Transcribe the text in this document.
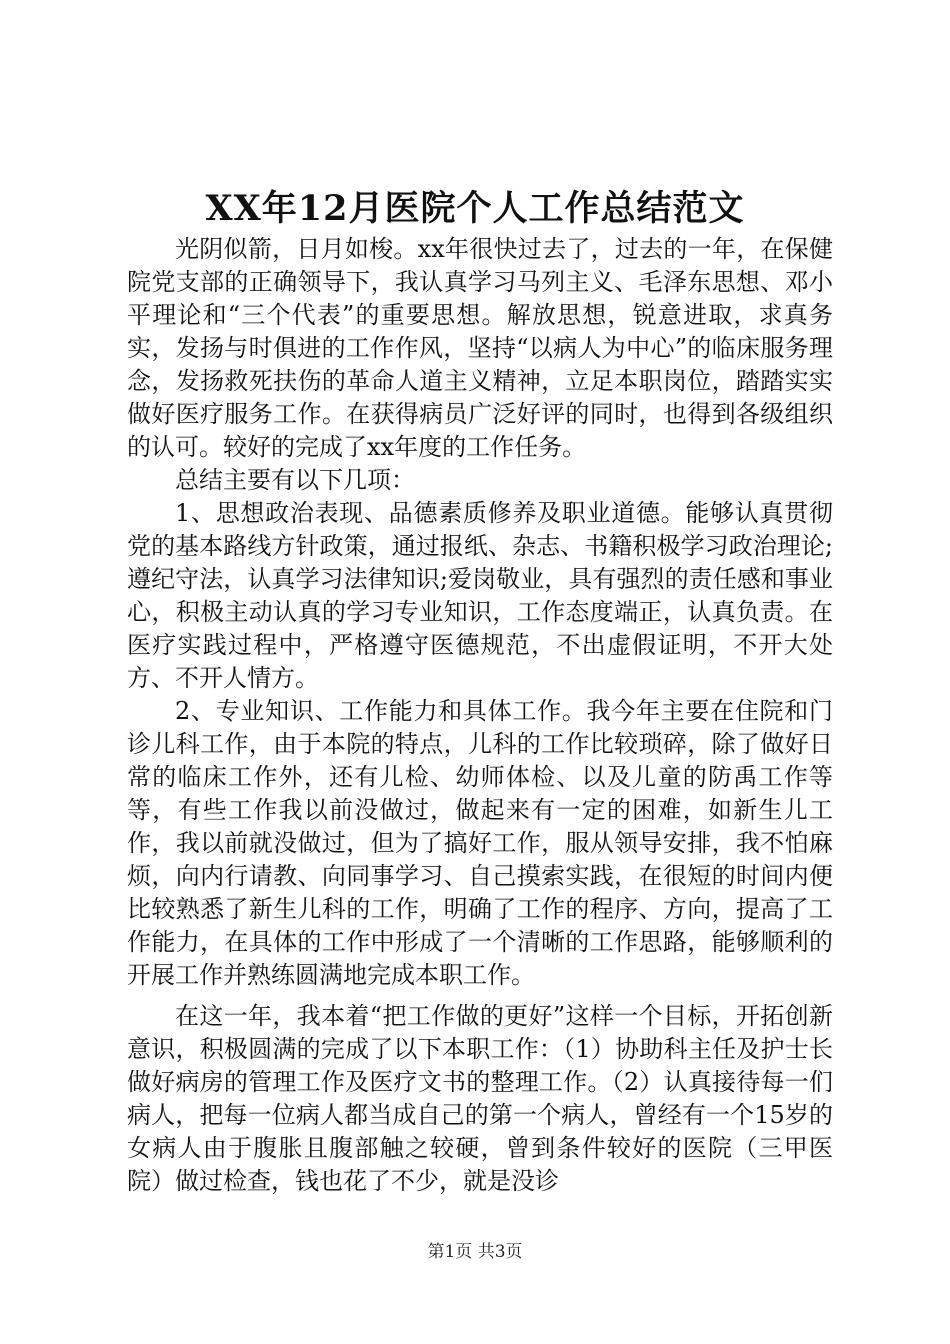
XX年12月医院个人工作总结范文

光阴似箭，日月如梭。xx年很快过去了，过去的一年，在保健院党支部的正确领导下，我认真学习马列主义、毛泽东思想、邓小平理论和“三个代表”的重要思想。解放思想，锐意进取，求真务实，发扬与时俱进的工作作风，坚持“以病人为中心”的临床服务理念，发扬救死扶伤的革命人道主义精神，立足本职岗位，踏踏实实做好医疗服务工作。在获得病员广泛好评的同时，也得到各级组织的认可。较好的完成了xx年度的工作任务。

总结主要有以下几项：

1、思想政治表现、品德素质修养及职业道德。能够认真贯彻党的基本路线方针政策，通过报纸、杂志、书籍积极学习政治理论;遵纪守法，认真学习法律知识;爱岗敬业，具有强烈的责任感和事业心，积极主动认真的学习专业知识，工作态度端正，认真负责。在医疗实践过程中，严格遵守医德规范，不出虚假证明，不开大处方、不开人情方。

2、专业知识、工作能力和具体工作。我今年主要在住院和门诊儿科工作，由于本院的特点，儿科的工作比较琐碎，除了做好日常的临床工作外，还有儿检、幼师体检、以及儿童的防禹工作等等，有些工作我以前没做过，做起来有一定的困难，如新生儿工作，我以前就没做过，但为了搞好工作，服从领导安排，我不怕麻烦，向内行请教、向同事学习、自己摸索实践，在很短的时间内便比较熟悉了新生儿科的工作，明确了工作的程序、方向，提高了工作能力，在具体的工作中形成了一个清晰的工作思路，能够顺利的开展工作并熟练圆满地完成本职工作。

在这一年，我本着“把工作做的更好”这样一个目标，开拓创新意识，积极圆满的完成了以下本职工作：（1）协助科主任及护士长做好病房的管理工作及医疗文书的整理工作。（2）认真接待每一们病人，把每一位病人都当成自己的第一个病人，曾经有一个15岁的女病人由于腹胀且腹部触之较硬，曾到条件较好的医院（三甲医院）做过检查，钱也花了不少，就是没诊

第1页 共3页
